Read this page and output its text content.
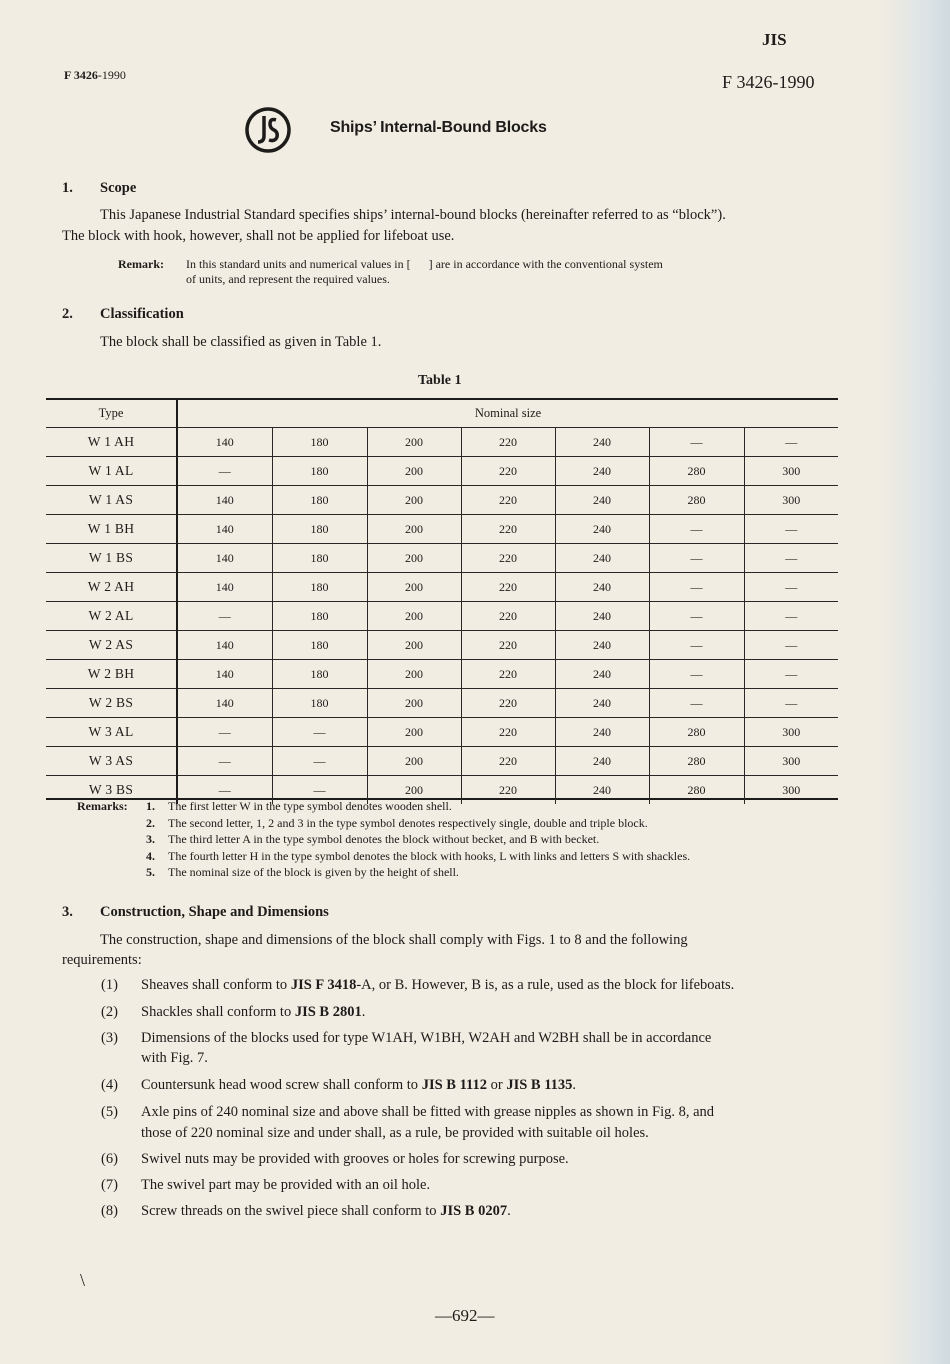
JIS
F 3426-1990	F 3426-1990
Ships’ Internal-Bound Blocks
1. Scope
This Japanese Industrial Standard specifies ships’ internal-bound blocks (hereinafter referred to as “block”).
The block with hook, however, shall not be applied for lifeboat use.
Remark: In this standard units and numerical values in [      ] are in accordance with the conventional system
of units, and represent the required values.
2. Classification
The block shall be classified as given in Table 1.
Table 1
Type	Nominal size						
W 1 AH	140	180	200	220	240	—	—
W 1 AL	—	180	200	220	240	280	300
W 1 AS	140	180	200	220	240	280	300
W 1 BH	140	180	200	220	240	—	—
W 1 BS	140	180	200	220	240	—	—
W 2 AH	140	180	200	220	240	—	—
W 2 AL	—	180	200	220	240	—	—
W 2 AS	140	180	200	220	240	—	—
W 2 BH	140	180	200	220	240	—	—
W 2 BS	140	180	200	220	240	—	—
W 3 AL	—	—	200	220	240	280	300
W 3 AS	—	—	200	220	240	280	300
W 3 BS	—	—	200	220	240	280	300
Remarks: 1. The first letter W in the type symbol denotes wooden shell.
2. The second letter, 1, 2 and 3 in the type symbol denotes respectively single, double and triple block.
3. The third letter A in the type symbol denotes the block without becket, and B with becket.
4. The fourth letter H in the type symbol denotes the block with hooks, L with links and letters S with shackles.
5. The nominal size of the block is given by the height of shell.
3. Construction, Shape and Dimensions
The construction, shape and dimensions of the block shall comply with Figs. 1 to 8 and the following
requirements:
(1)	Sheaves shall conform to JIS F 3418-A, or B. However, B is, as a rule, used as the block for lifeboats.
(2)	Shackles shall conform to JIS B 2801.
(3)	Dimensions of the blocks used for type W1AH, W1BH, W2AH and W2BH shall be in accordance
with Fig. 7.
(4)	Countersunk head wood screw shall conform to JIS B 1112 or JIS B 1135.
(5)	Axle pins of 240 nominal size and above shall be fitted with grease nipples as shown in Fig. 8, and
those of 220 nominal size and under shall, as a rule, be provided with suitable oil holes.
(6)	Swivel nuts may be provided with grooves or holes for screwing purpose.
(7)	The swivel part may be provided with an oil hole.
(8)	Screw threads on the swivel piece shall conform to JIS B 0207.
\
—692—
